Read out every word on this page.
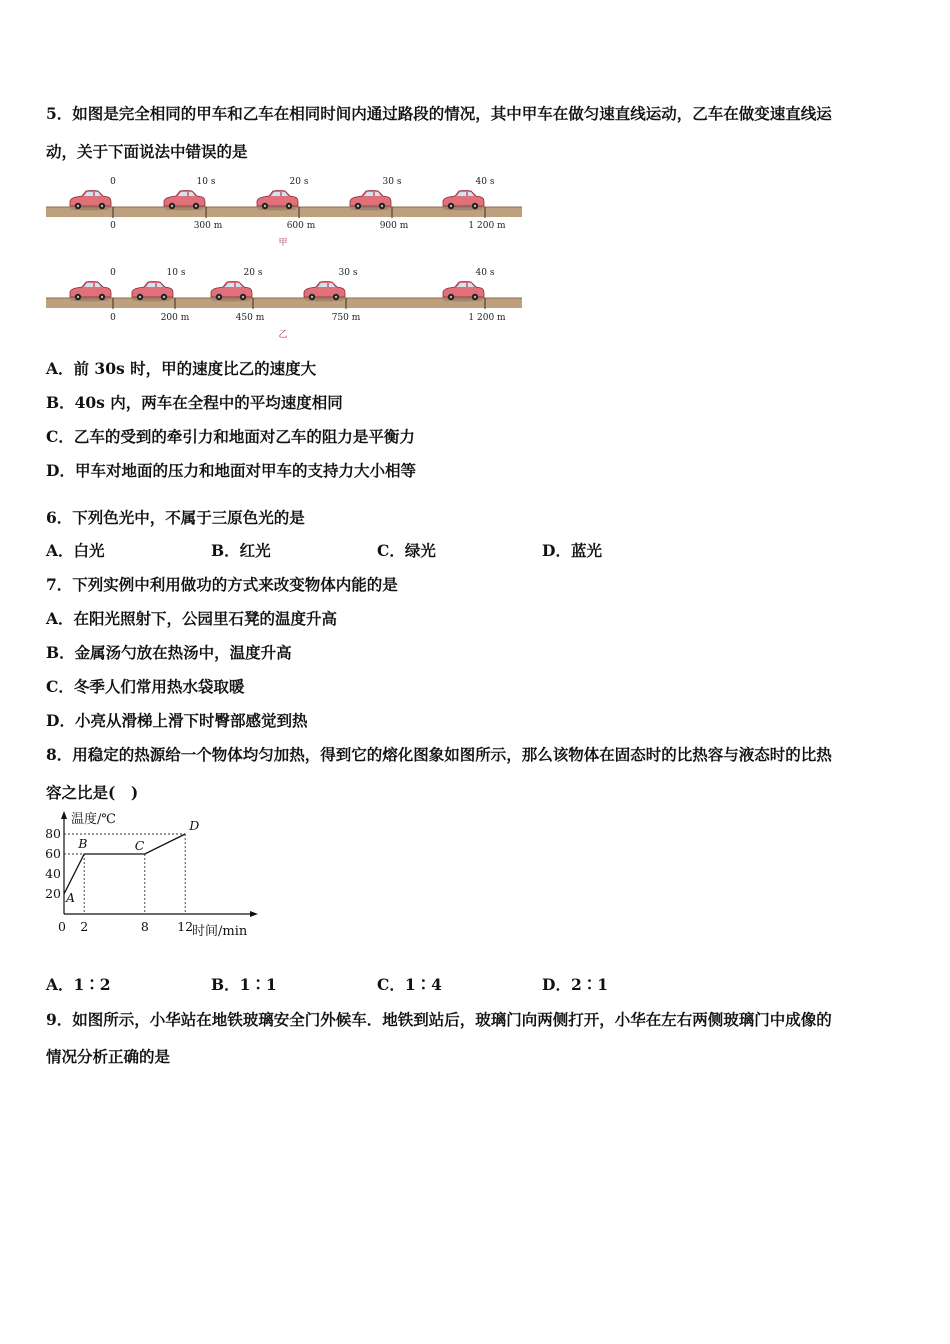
5．如图是完全相同的甲车和乙车在相同时间内通过路段的情况，其中甲车在做匀速直线运动，乙车在做变速直线运
动，关于下面说法中错误的是
0	10 s	20 s	30 s	40 s
0	300 m	600 m	900 m	1 200 m
甲
0	10 s	20 s	30 s	40 s
0	200 m	450 m	750 m	1 200 m
乙
A．前 30s 时，甲的速度比乙的速度大
B．40s 内，两车在全程中的平均速度相同
C．乙车的受到的牵引力和地面对乙车的阻力是平衡力
D．甲车对地面的压力和地面对甲车的支持力大小相等
6．下列色光中，不属于三原色光的是
A．白光	B．红光	C．绿光	D．蓝光
7．下列实例中利用做功的方式来改变物体内能的是
A．在阳光照射下，公园里石凳的温度升高
B．金属汤勺放在热汤中，温度升高
C．冬季人们常用热水袋取暖
D．小亮从滑梯上滑下时臀部感觉到热
8．用稳定的热源给一个物体均匀加热，得到它的熔化图象如图所示，那么该物体在固态时的比热容与液态时的比热
容之比是(　)
温度/℃
时间/min
80
60
40
20
0 2	8 12
A
B	C
D
A．1∶2	B．1∶1	C．1∶4	D．2∶1
9．如图所示，小华站在地铁玻璃安全门外候车．地铁到站后，玻璃门向两侧打开，小华在左右两侧玻璃门中成像的
情况分析正确的是
